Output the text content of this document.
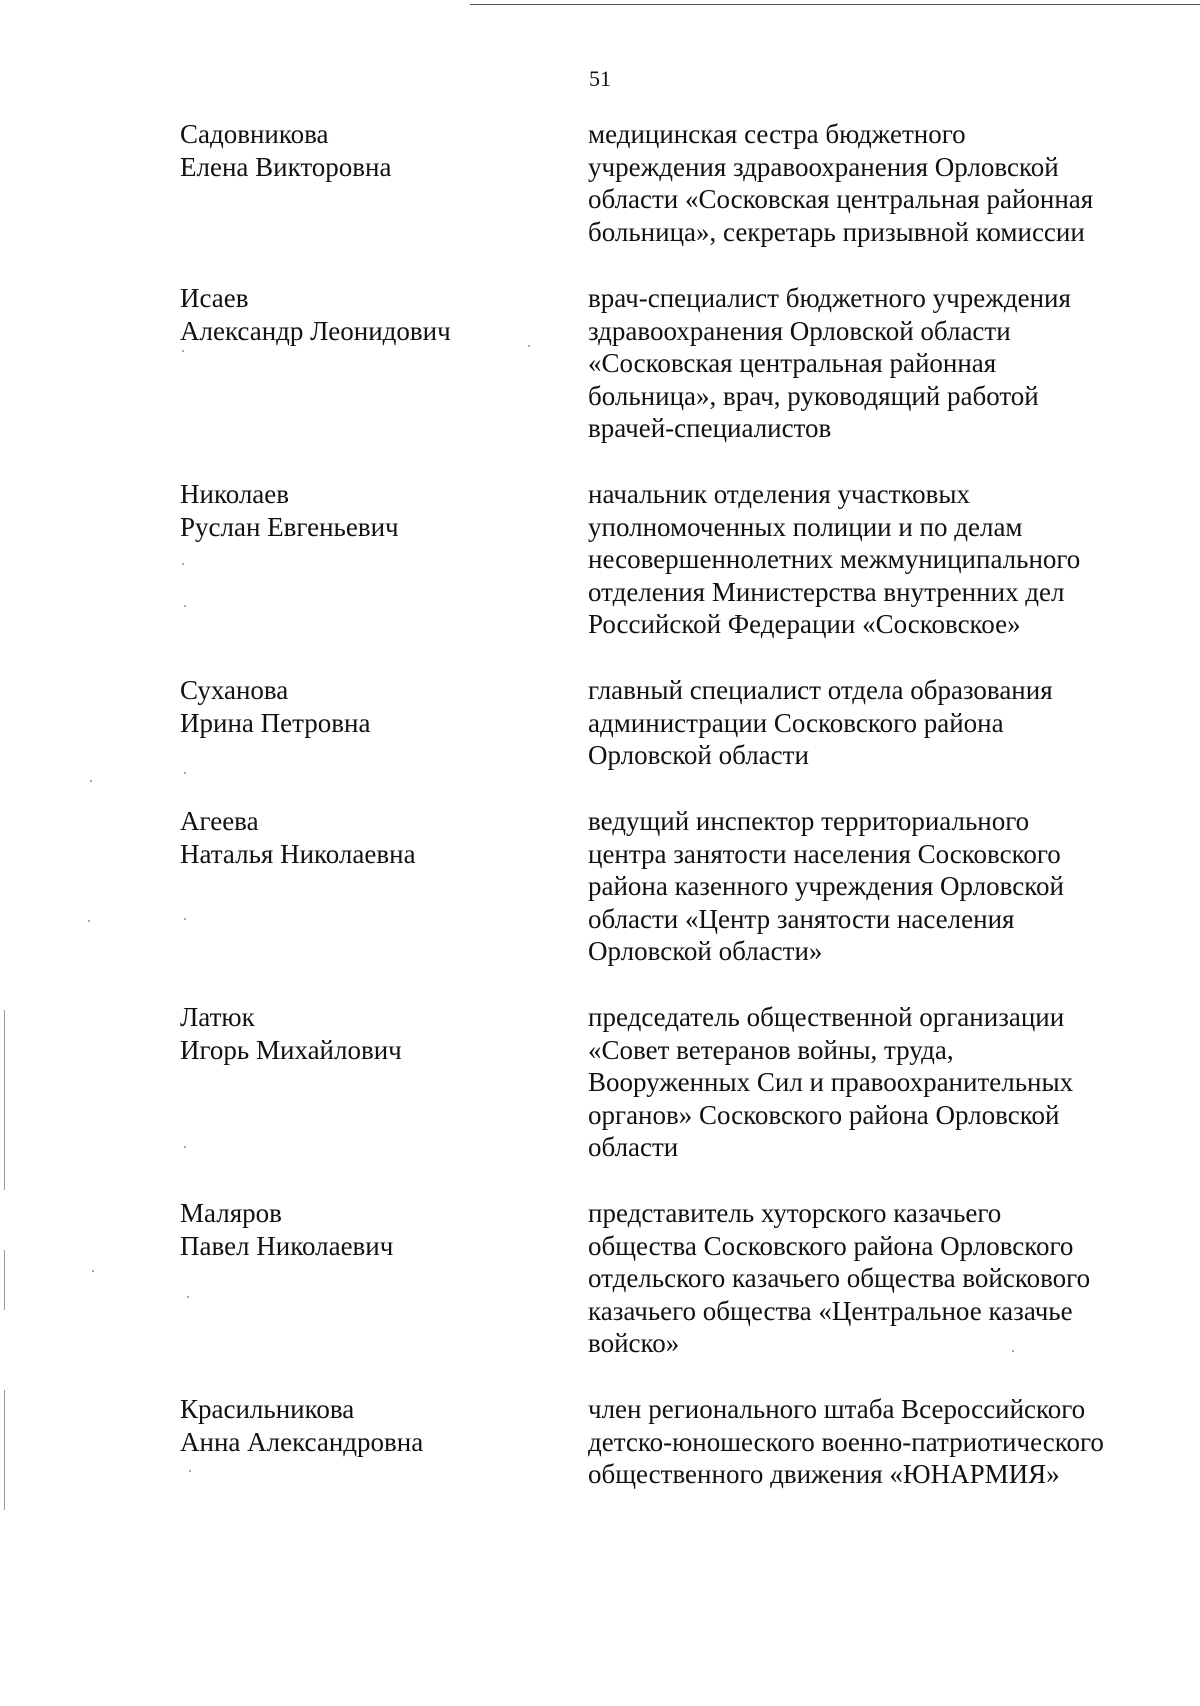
51
Садовникова
Елена Викторовна
медицинская сестра бюджетного
учреждения здравоохранения Орловской
области «Сосковская центральная районная
больница», секретарь призывной комиссии
Исаев
Александр Леонидович
врач-специалист бюджетного учреждения
здравоохранения Орловской области
«Сосковская центральная районная
больница», врач, руководящий работой
врачей-специалистов
Николаев
Руслан Евгеньевич
начальник отделения участковых
уполномоченных полиции и по делам
несовершеннолетних межмуниципального
отделения Министерства внутренних дел
Российской Федерации «Сосковское»
Суханова
Ирина Петровна
главный специалист отдела образования
администрации Сосковского района
Орловской области
Агеева
Наталья Николаевна
ведущий инспектор территориального
центра занятости населения Сосковского
района казенного учреждения Орловской
области «Центр занятости населения
Орловской области»
Латюк
Игорь Михайлович
председатель общественной организации
«Совет ветеранов войны, труда,
Вооруженных Сил и правоохранительных
органов» Сосковского района Орловской
области
Маляров
Павел Николаевич
представитель хуторского казачьего
общества Сосковского района Орловского
отдельского казачьего общества войскового
казачьего общества «Центральное казачье
войско»
Красильникова
Анна Александровна
член регионального штаба Всероссийского
детско-юношеского военно-патриотического
общественного движения «ЮНАРМИЯ»
